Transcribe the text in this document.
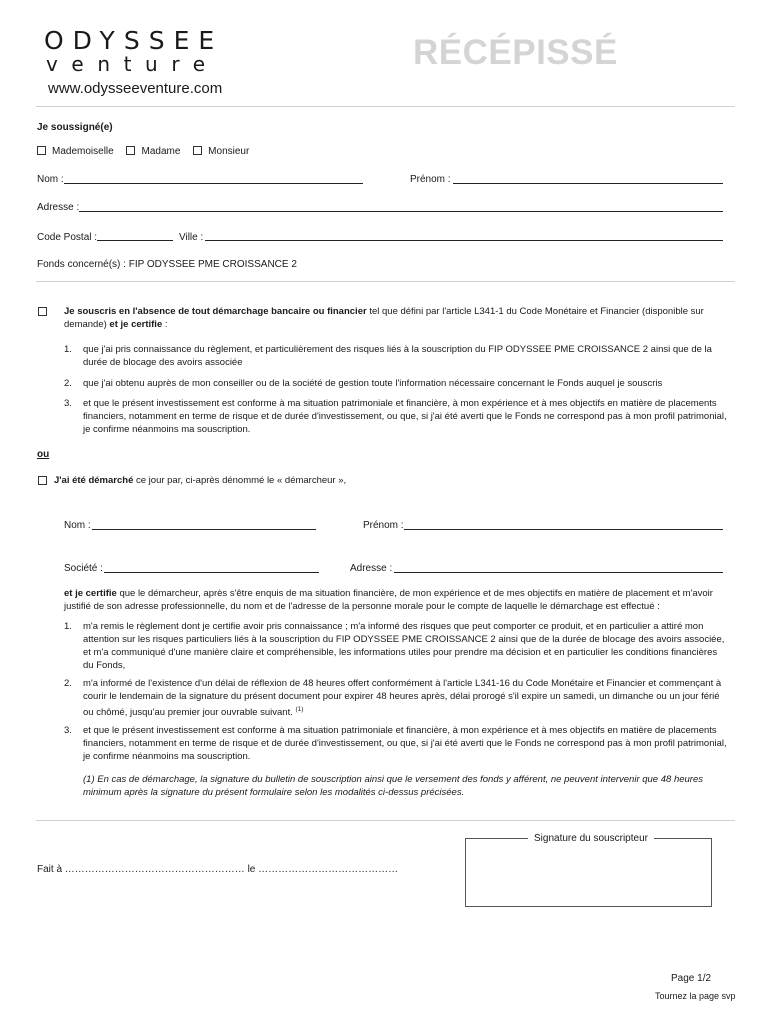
ODYSSEE
venture
www.odysseeventure.com
RÉCÉPISSÉ
Je soussigné(e)
Mademoiselle	Madame	Monsieur
Nom :	Prénom :
Adresse :
Code Postal :	Ville :
Fonds concerné(s) : FIP ODYSSEE PME CROISSANCE 2
Je souscris en l'absence de tout démarchage bancaire ou financier tel que défini par l'article L341-1 du Code Monétaire et Financier (disponible sur
demande) et je certifie :
1. que j'ai pris connaissance du règlement, et particulièrement des risques liés à la souscription du FIP ODYSSEE PME CROISSANCE 2 ainsi que de la
durée de blocage des avoirs associée
2. que j'ai obtenu auprès de mon conseiller ou de la société de gestion toute l'information nécessaire concernant le Fonds auquel je souscris
3. et que le présent investissement est conforme à ma situation patrimoniale et financière, à mon expérience et à mes objectifs en matière de placements
financiers, notamment en terme de risque et de durée d'investissement, ou que, si j'ai été averti que le Fonds ne correspond pas à mon profil patrimonial,
je confirme néanmoins ma souscription.
ou
J'ai été démarché ce jour par, ci-après dénommé le « démarcheur »,
Nom :	Prénom :
Société :	Adresse :
et je certifie que le démarcheur, après s'être enquis de ma situation financière, de mon expérience et de mes objectifs en matière de placement et m'avoir
justifié de son adresse professionnelle, du nom et de l'adresse de la personne morale pour le compte de laquelle le démarchage est effectué :
1. m'a remis le règlement dont je certifie avoir pris connaissance ; m'a informé des risques que peut comporter ce produit, et en particulier a attiré mon
attention sur les risques particuliers liés à la souscription du FIP ODYSSEE PME CROISSANCE 2 ainsi que de la durée de blocage des avoirs associée,
et m'a communiqué d'une manière claire et compréhensible, les informations utiles pour prendre ma décision et en particulier les conditions financières
du Fonds,
2. m'a informé de l'existence d'un délai de réflexion de 48 heures offert conformément à l'article L341-16 du Code Monétaire et Financier et commençant à
courir le lendemain de la signature du présent document pour expirer 48 heures après, délai prorogé s'il expire un samedi, un dimanche ou un jour férié
ou chômé, jusqu'au premier jour ouvrable suivant. $^{(1)}$
3. et que le présent investissement est conforme à ma situation patrimoniale et financière, à mon expérience et à mes objectifs en matière de placements
financiers, notamment en terme de risque et de durée d'investissement, ou que, si j'ai été averti que le Fonds ne correspond pas à mon profil patrimonial,
je confirme néanmoins ma souscription.
(1) En cas de démarchage, la signature du bulletin de souscription ainsi que le versement des fonds y afférent, ne peuvent intervenir que 48 heures
minimum après la signature du présent formulaire selon les modalités ci-dessus précisées.
Fait à ……………………………………………… le ……………………………………
Signature du souscripteur
Page 1/2
Tournez la page svp
